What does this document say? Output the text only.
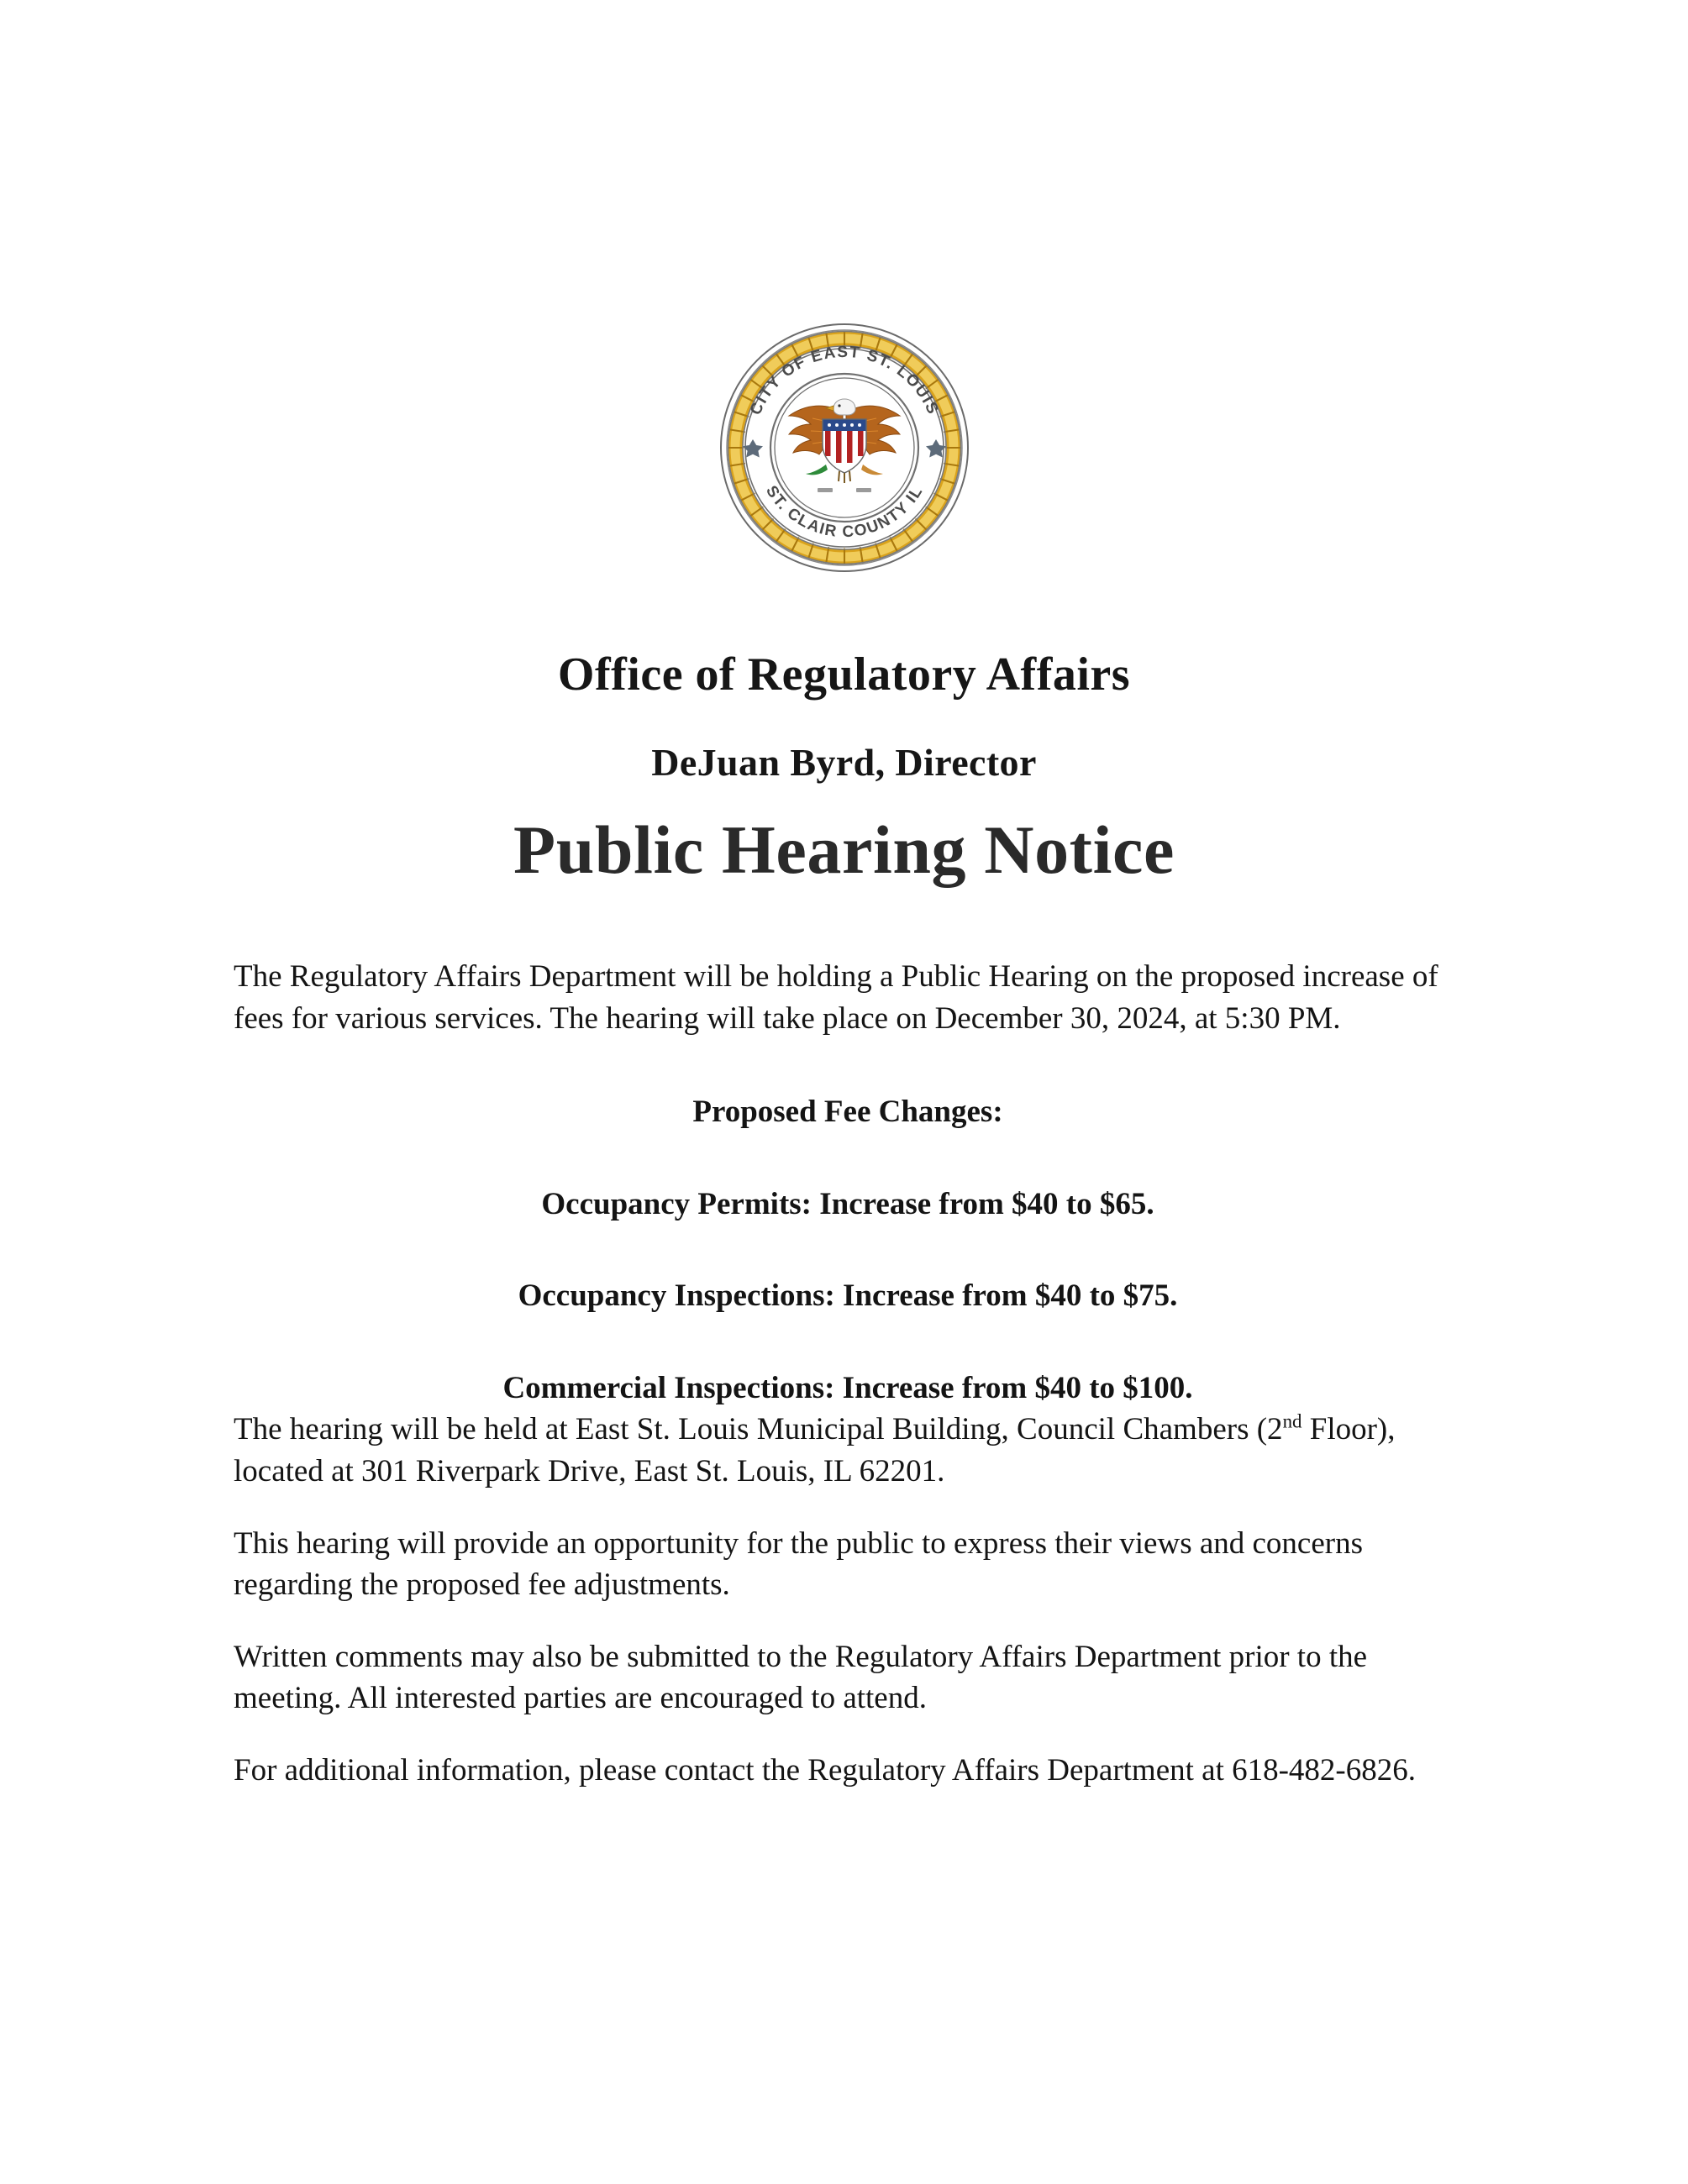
CITY OF EAST ST. LOUIS
ST. CLAIR COUNTY IL
Office of Regulatory Affairs
DeJuan Byrd, Director
Public Hearing Notice

The Regulatory Affairs Department will be holding a Public Hearing on the proposed increase of fees for various services. The hearing will take place on December 30, 2024, at 5:30 PM.

Proposed Fee Changes:
Occupancy Permits: Increase from $40 to $65.
Occupancy Inspections: Increase from $40 to $75.
Commercial Inspections: Increase from $40 to $100.

The hearing will be held at East St. Louis Municipal Building, Council Chambers (2nd Floor), located at 301 Riverpark Drive, East St. Louis, IL 62201.

This hearing will provide an opportunity for the public to express their views and concerns regarding the proposed fee adjustments.

Written comments may also be submitted to the Regulatory Affairs Department prior to the meeting. All interested parties are encouraged to attend.

For additional information, please contact the Regulatory Affairs Department at 618-482-6826.
